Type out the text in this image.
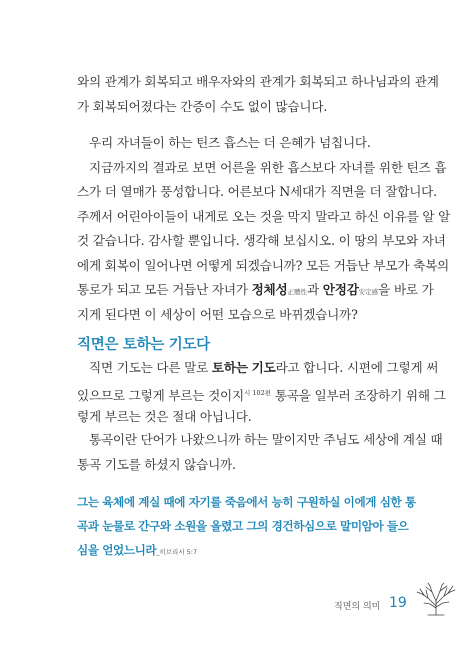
와의 관계가 회복되고 배우자와의 관계가 회복되고 하나님과의 관계
가 회복되어졌다는 간증이 수도 없이 많습니다.
우리 자녀들이 하는 틴즈 흡스는 더 은혜가 넘칩니다.
지금까지의 결과로 보면 어른을 위한 흡스보다 자녀를 위한 틴즈 흡
스가 더 열매가 풍성합니다. 어른보다 N세대가 직면을 더 잘합니다.
주께서 어린아이들이 내게로 오는 것을 막지 말라고 하신 이유를 알 알
것 같습니다. 감사할 뿐입니다. 생각해 보십시오. 이 땅의 부모와 자녀
에게 회복이 일어나면 어떻게 되겠습니까? 모든 거듭난 부모가 축복의
통로가 되고 모든 거듭난 자녀가 정체성正體性과 안정감安定感을 바로 가
지게 된다면 이 세상이 어떤 모습으로 바뀌겠습니까?
직면은 토하는 기도다
직면 기도는 다른 말로 토하는 기도라고 합니다. 시편에 그렇게 써
있으므로 그렇게 부르는 것이지$^{시 102편}$ 통곡을 일부러 조장하기 위해 그
렇게 부르는 것은 절대 아닙니다.
통곡이란 단어가 나왔으니까 하는 말이지만 주님도 세상에 계실 때
통곡 기도를 하셨지 않습니까.
그는 육체에 계실 때에 자기를 죽음에서 능히 구원하실 이에게 심한 통
곡과 눈물로 간구와 소원을 올렸고 그의 경건하심으로 말미암아 들으
심을 얻었느니라_히브리서 5:7
직면의 의미 19
